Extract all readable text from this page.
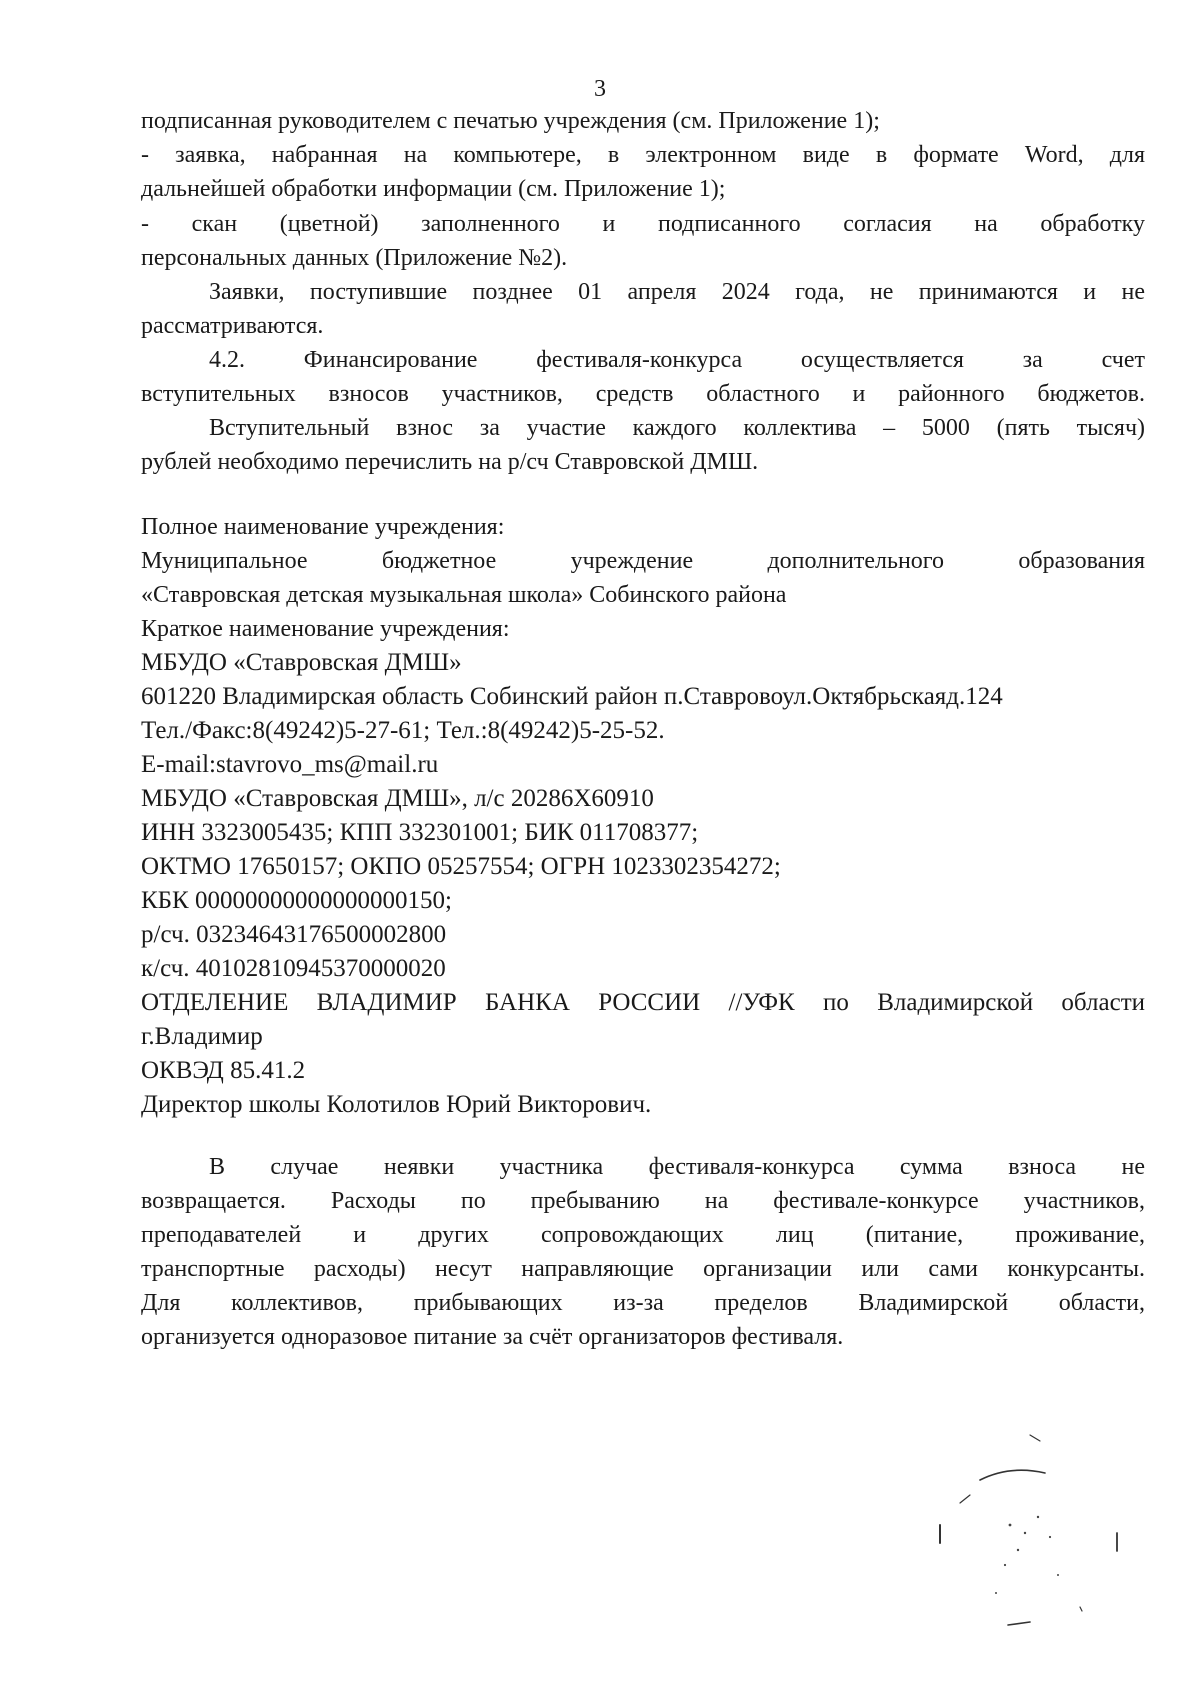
3
подписанная руководителем с печатью учреждения (см. Приложение 1);
- заявка, набранная на компьютере, в электронном виде в формате Word, для
дальнейшей обработки информации (см. Приложение 1);
- скан (цветной) заполненного и подписанного согласия на обработку
персональных данных (Приложение №2).
Заявки, поступившие позднее 01 апреля 2024 года, не принимаются и не
рассматриваются.
4.2. Финансирование фестиваля-конкурса осуществляется за счет
вступительных взносов участников, средств областного и районного бюджетов.
Вступительный взнос за участие каждого коллектива – 5000 (пять тысяч)
рублей необходимо перечислить на р/сч Ставровской ДМШ.
Полное наименование учреждения:
Муниципальное бюджетное учреждение дополнительного образования
«Ставровская детская музыкальная школа» Собинского района
Краткое наименование учреждения:
МБУДО «Ставровская ДМШ»
601220 Владимирская область Собинский район п.Ставровоул.Октябрьскаяд.124
Тел./Факс:8(49242)5-27-61; Тел.:8(49242)5-25-52.
E-mail:stavrovo_ms@mail.ru
МБУДО «Ставровская ДМШ», л/с 20286X60910
ИНН 3323005435; КПП 332301001; БИК 011708377;
ОКТМО 17650157; ОКПО 05257554; ОГРН 1023302354272;
КБК 00000000000000000150;
р/сч. 03234643176500002800
к/сч. 40102810945370000020
ОТДЕЛЕНИЕ ВЛАДИМИР БАНКА РОССИИ //УФК по Владимирской области
г.Владимир
ОКВЭД 85.41.2
Директор школы Колотилов Юрий Викторович.
В случае неявки участника фестиваля-конкурса сумма взноса не
возвращается. Расходы по пребыванию на фестивале-конкурсе участников,
преподавателей и других сопровождающих лиц (питание, проживание,
транспортные расходы) несут направляющие организации или сами конкурсанты.
Для коллективов, прибывающих из-за пределов Владимирской области,
организуется одноразовое питание за счёт организаторов фестиваля.
